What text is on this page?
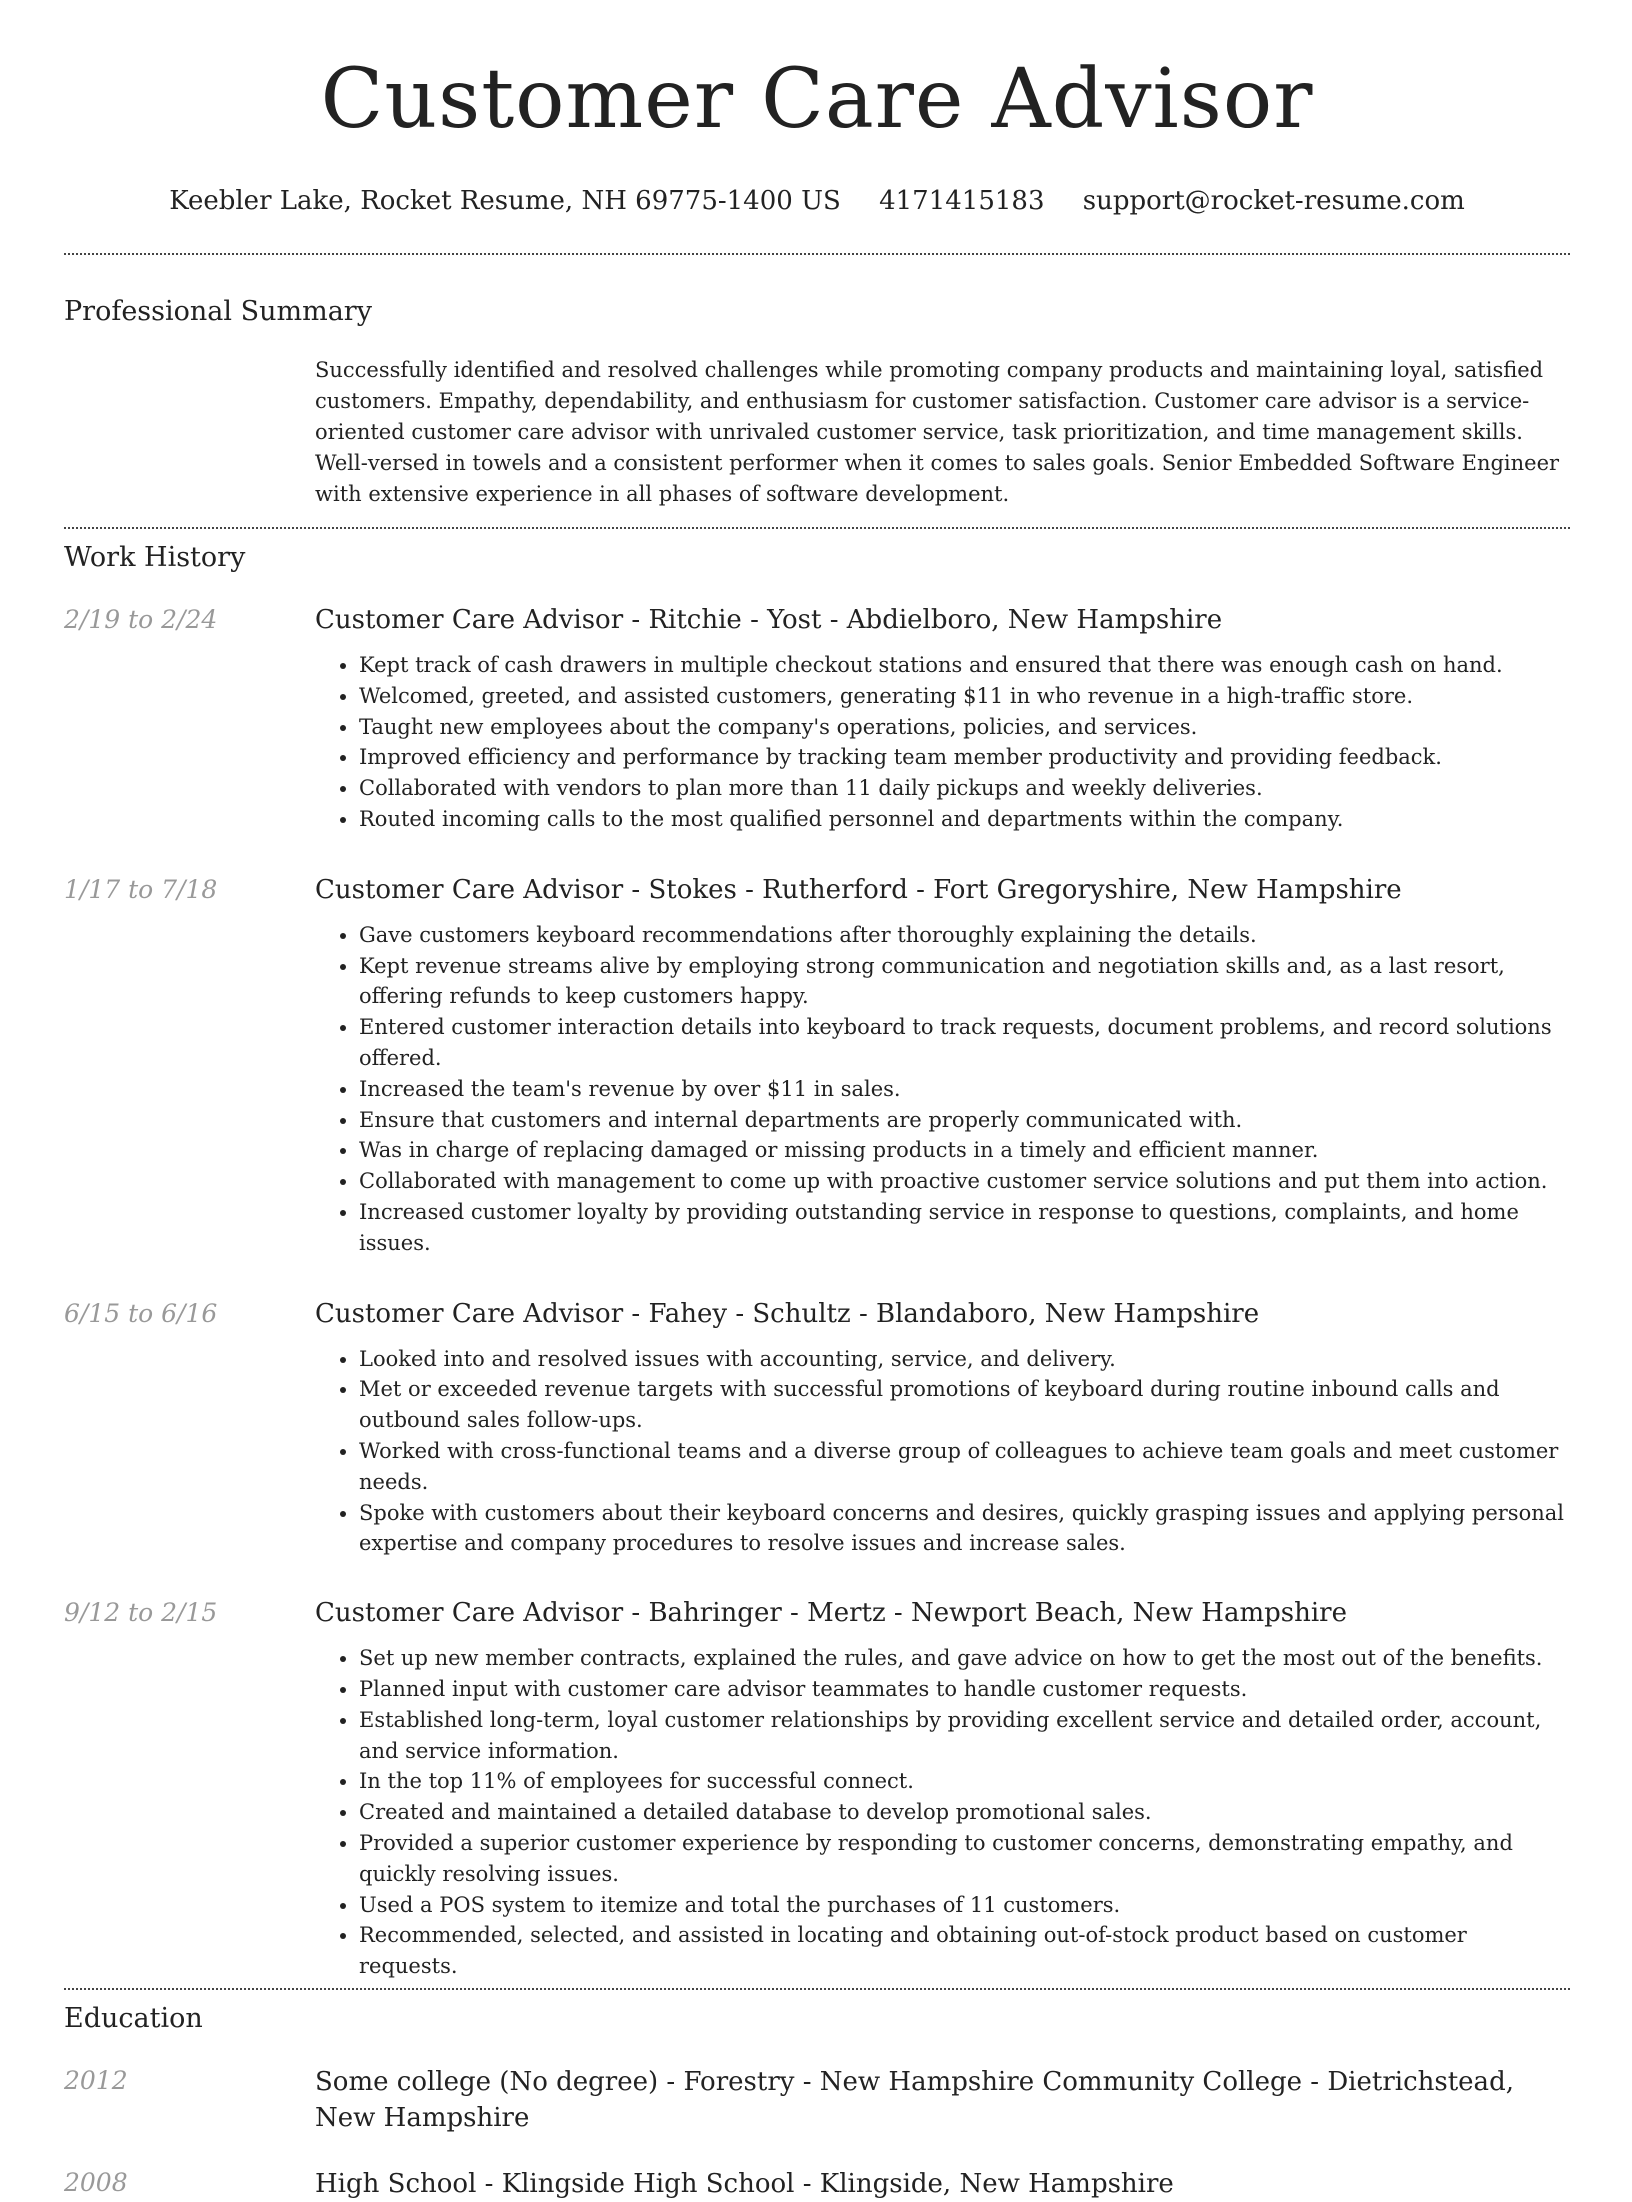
Customer Care Advisor
Keebler Lake, Rocket Resume, NH 69775-1400 US 4171415183 support@rocket-resume.com
Professional Summary
Successfully identified and resolved challenges while promoting company products and maintaining loyal, satisfied customers. Empathy, dependability, and enthusiasm for customer satisfaction. Customer care advisor is a service-oriented customer care advisor with unrivaled customer service, task prioritization, and time management skills. Well-versed in towels and a consistent performer when it comes to sales goals. Senior Embedded Software Engineer with extensive experience in all phases of software development.
Work History
2/19 to 2/24	Customer Care Advisor - Ritchie - Yost - Abdielboro, New Hampshire
• Kept track of cash drawers in multiple checkout stations and ensured that there was enough cash on hand.
• Welcomed, greeted, and assisted customers, generating $11 in who revenue in a high-traffic store.
• Taught new employees about the company's operations, policies, and services.
• Improved efficiency and performance by tracking team member productivity and providing feedback.
• Collaborated with vendors to plan more than 11 daily pickups and weekly deliveries.
• Routed incoming calls to the most qualified personnel and departments within the company.
1/17 to 7/18	Customer Care Advisor - Stokes - Rutherford - Fort Gregoryshire, New Hampshire
• Gave customers keyboard recommendations after thoroughly explaining the details.
• Kept revenue streams alive by employing strong communication and negotiation skills and, as a last resort, offering refunds to keep customers happy.
• Entered customer interaction details into keyboard to track requests, document problems, and record solutions offered.
• Increased the team's revenue by over $11 in sales.
• Ensure that customers and internal departments are properly communicated with.
• Was in charge of replacing damaged or missing products in a timely and efficient manner.
• Collaborated with management to come up with proactive customer service solutions and put them into action.
• Increased customer loyalty by providing outstanding service in response to questions, complaints, and home issues.
6/15 to 6/16	Customer Care Advisor - Fahey - Schultz - Blandaboro, New Hampshire
• Looked into and resolved issues with accounting, service, and delivery.
• Met or exceeded revenue targets with successful promotions of keyboard during routine inbound calls and outbound sales follow-ups.
• Worked with cross-functional teams and a diverse group of colleagues to achieve team goals and meet customer needs.
• Spoke with customers about their keyboard concerns and desires, quickly grasping issues and applying personal expertise and company procedures to resolve issues and increase sales.
9/12 to 2/15	Customer Care Advisor - Bahringer - Mertz - Newport Beach, New Hampshire
• Set up new member contracts, explained the rules, and gave advice on how to get the most out of the benefits.
• Planned input with customer care advisor teammates to handle customer requests.
• Established long-term, loyal customer relationships by providing excellent service and detailed order, account, and service information.
• In the top 11% of employees for successful connect.
• Created and maintained a detailed database to develop promotional sales.
• Provided a superior customer experience by responding to customer concerns, demonstrating empathy, and quickly resolving issues.
• Used a POS system to itemize and total the purchases of 11 customers.
• Recommended, selected, and assisted in locating and obtaining out-of-stock product based on customer requests.
Education
2012	Some college (No degree) - Forestry - New Hampshire Community College - Dietrichstead, New Hampshire
2008	High School - Klingside High School - Klingside, New Hampshire
